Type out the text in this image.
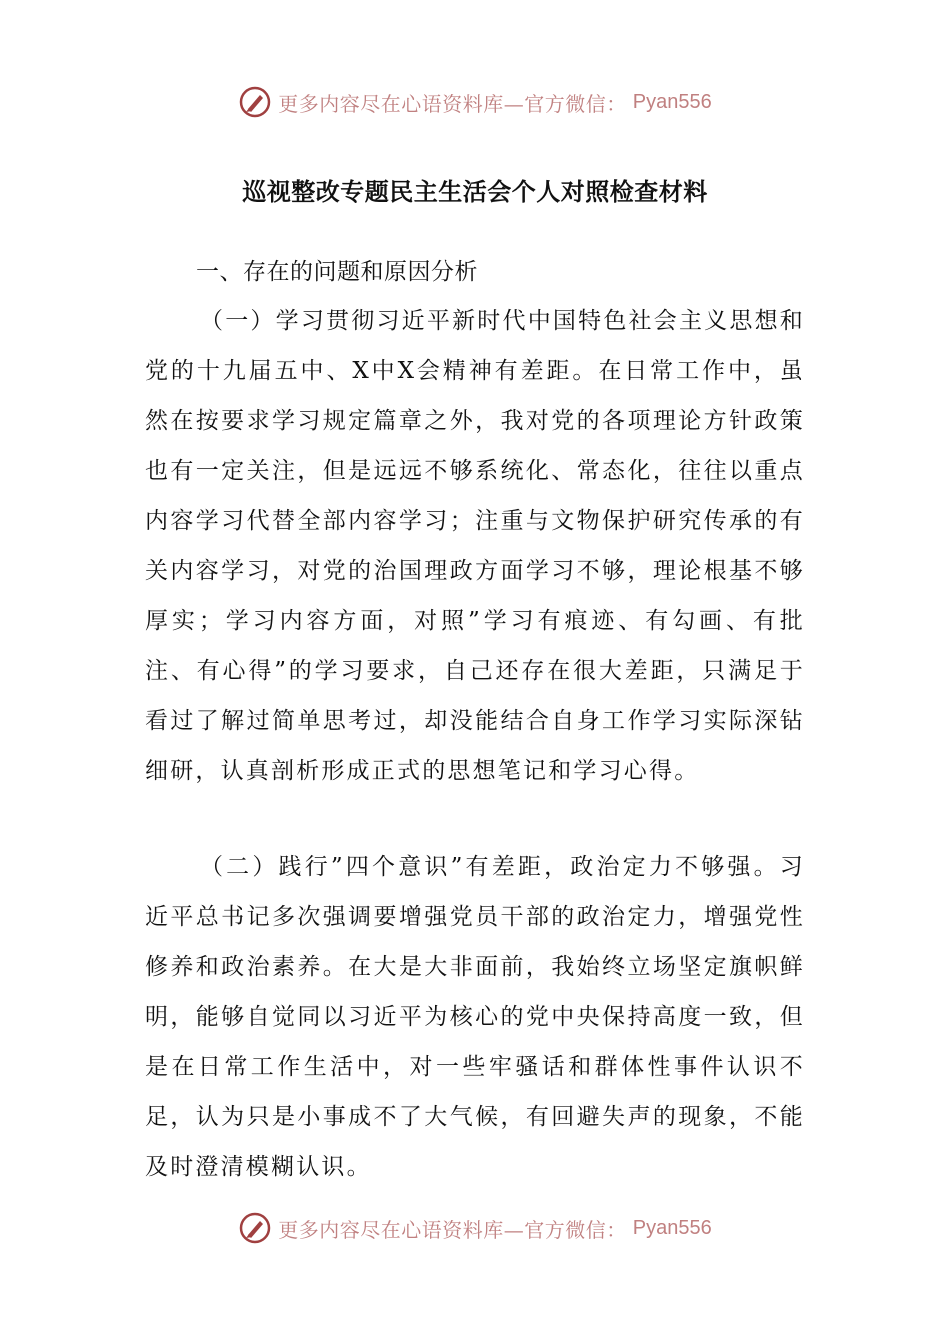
更多内容尽在心语资料库—官方微信： Pyan556
巡视整改专题民主生活会个人对照检查材料
一、存在的问题和原因分析

（一）学习贯彻习近平新时代中国特色社会主义思想和党的十九届五中、X中X会精神有差距。在日常工作中，虽然在按要求学习规定篇章之外，我对党的各项理论方针政策也有一定关注，但是远远不够系统化、常态化，往往以重点内容学习代替全部内容学习；注重与文物保护研究传承的有关内容学习，对党的治国理政方面学习不够，理论根基不够厚实；学习内容方面，对照”学习有痕迹、有勾画、有批注、有心得”的学习要求，自己还存在很大差距，只满足于看过了解过简单思考过，却没能结合自身工作学习实际深钻细研，认真剖析形成正式的思想笔记和学习心得。

（二）践行”四个意识”有差距，政治定力不够强。习近平总书记多次强调要增强党员干部的政治定力，增强党性修养和政治素养。在大是大非面前，我始终立场坚定旗帜鲜明，能够自觉同以习近平为核心的党中央保持高度一致，但是在日常工作生活中，对一些牢骚话和群体性事件认识不足，认为只是小事成不了大气候，有回避失声的现象，不能及时澄清模糊认识。

更多内容尽在心语资料库—官方微信： Pyan556
